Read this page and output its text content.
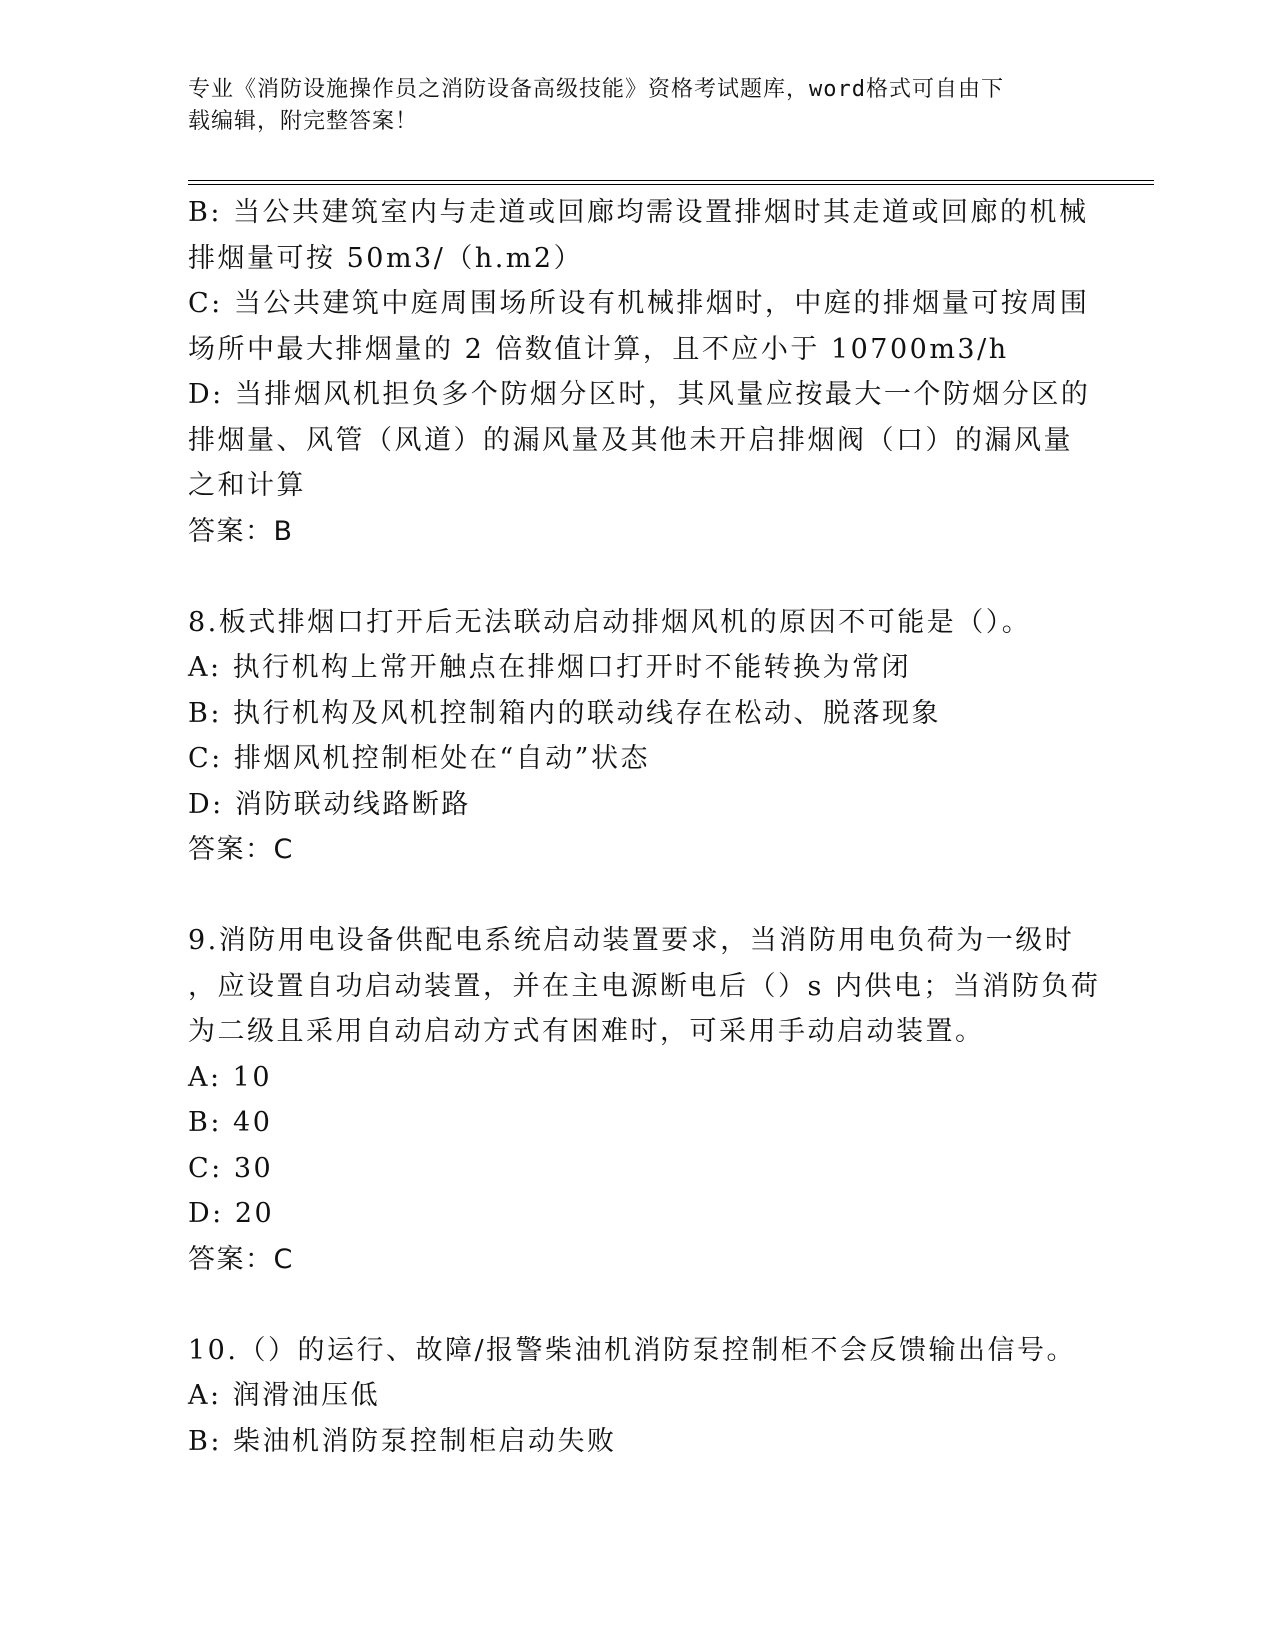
专业《消防设施操作员之消防设备高级技能》资格考试题库，word格式可自由下
载编辑，附完整答案！
B: 当公共建筑室内与走道或回廊均需设置排烟时其走道或回廊的机械
排烟量可按 50m3/（h.m2）
C: 当公共建筑中庭周围场所设有机械排烟时，中庭的排烟量可按周围
场所中最大排烟量的 2 倍数值计算，且不应小于 10700m3/h
D: 当排烟风机担负多个防烟分区时，其风量应按最大一个防烟分区的
排烟量、风管（风道）的漏风量及其他未开启排烟阀（口）的漏风量
之和计算
答案：B
8.板式排烟口打开后无法联动启动排烟风机的原因不可能是（）。
A: 执行机构上常开触点在排烟口打开时不能转换为常闭
B: 执行机构及风机控制箱内的联动线存在松动、脱落现象
C: 排烟风机控制柜处在“自动”状态
D: 消防联动线路断路
答案：C
9.消防用电设备供配电系统启动装置要求，当消防用电负荷为一级时
，应设置自功启动装置，并在主电源断电后（）s 内供电；当消防负荷
为二级且采用自动启动方式有困难时，可采用手动启动装置。
A: 10
B: 40
C: 30
D: 20
答案：C
10.（）的运行、故障/报警柴油机消防泵控制柜不会反馈输出信号。
A: 润滑油压低
B: 柴油机消防泵控制柜启动失败
